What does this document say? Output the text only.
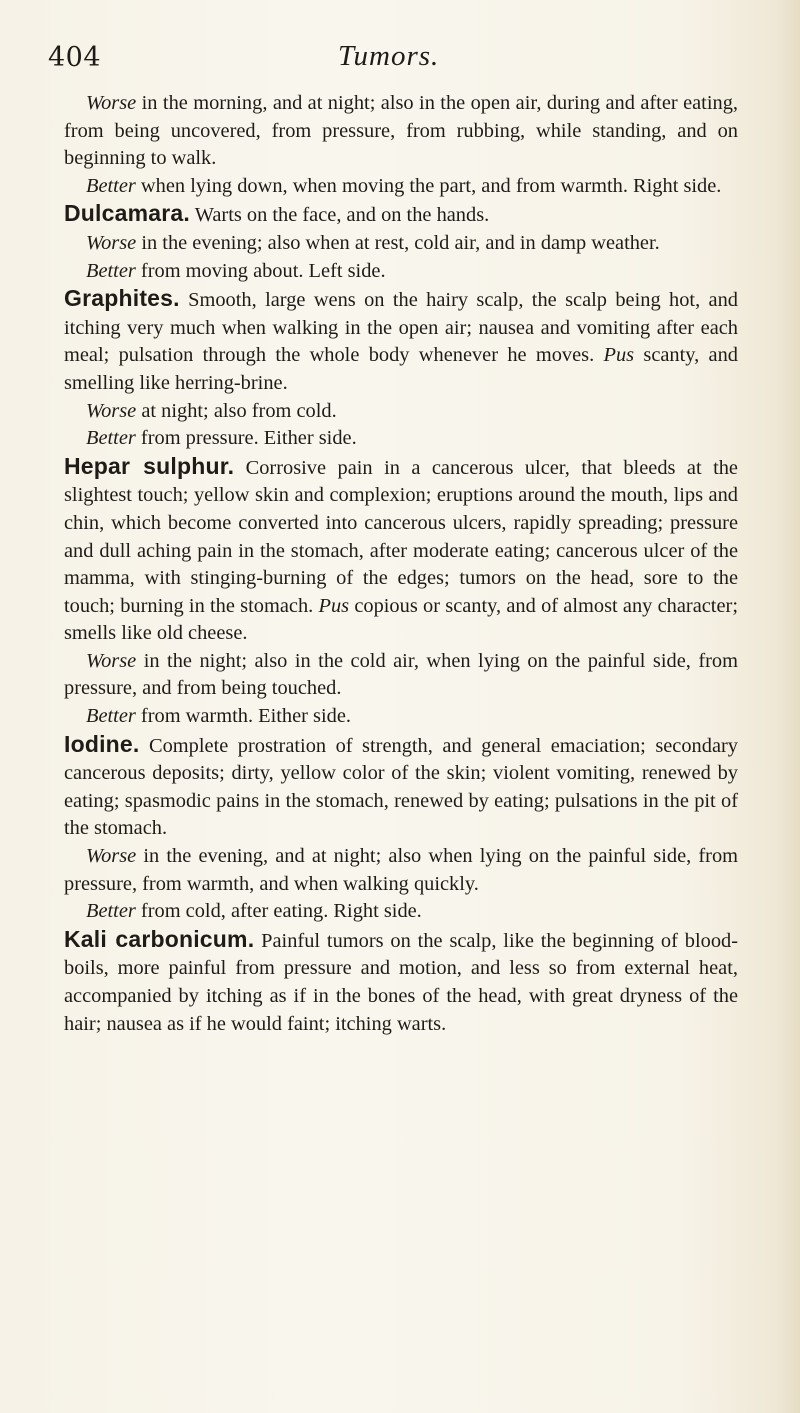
404	Tumors.

Worse in the morning, and at night; also in the open air, during and after eating, from being uncovered, from pressure, from rubbing, while standing, and on beginning to walk.

Better when lying down, when moving the part, and from warmth. Right side.

Dulcamara. Warts on the face, and on the hands.

Worse in the evening; also when at rest, cold air, and in damp weather.

Better from moving about. Left side.

Graphites. Smooth, large wens on the hairy scalp, the scalp being hot, and itching very much when walking in the open air; nausea and vomiting after each meal; pulsation through the whole body whenever he moves. Pus scanty, and smelling like herring-brine.

Worse at night; also from cold.

Better from pressure. Either side.

Hepar sulphur. Corrosive pain in a cancerous ulcer, that bleeds at the slightest touch; yellow skin and complexion; eruptions around the mouth, lips and chin, which become converted into cancerous ulcers, rapidly spreading; pressure and dull aching pain in the stomach, after moderate eating; cancerous ulcer of the mamma, with stinging-burning of the edges; tumors on the head, sore to the touch; burning in the stomach. Pus copious or scanty, and of almost any character; smells like old cheese.

Worse in the night; also in the cold air, when lying on the painful side, from pressure, and from being touched.

Better from warmth. Either side.

Iodine. Complete prostration of strength, and general emaciation; secondary cancerous deposits; dirty, yellow color of the skin; violent vomiting, renewed by eating; spasmodic pains in the stomach, renewed by eating; pulsations in the pit of the stomach.

Worse in the evening, and at night; also when lying on the painful side, from pressure, from warmth, and when walking quickly.

Better from cold, after eating. Right side.

Kali carbonicum. Painful tumors on the scalp, like the beginning of blood-boils, more painful from pressure and motion, and less so from external heat, accompanied by itching as if in the bones of the head, with great dryness of the hair; nausea as if he would faint; itching warts.
